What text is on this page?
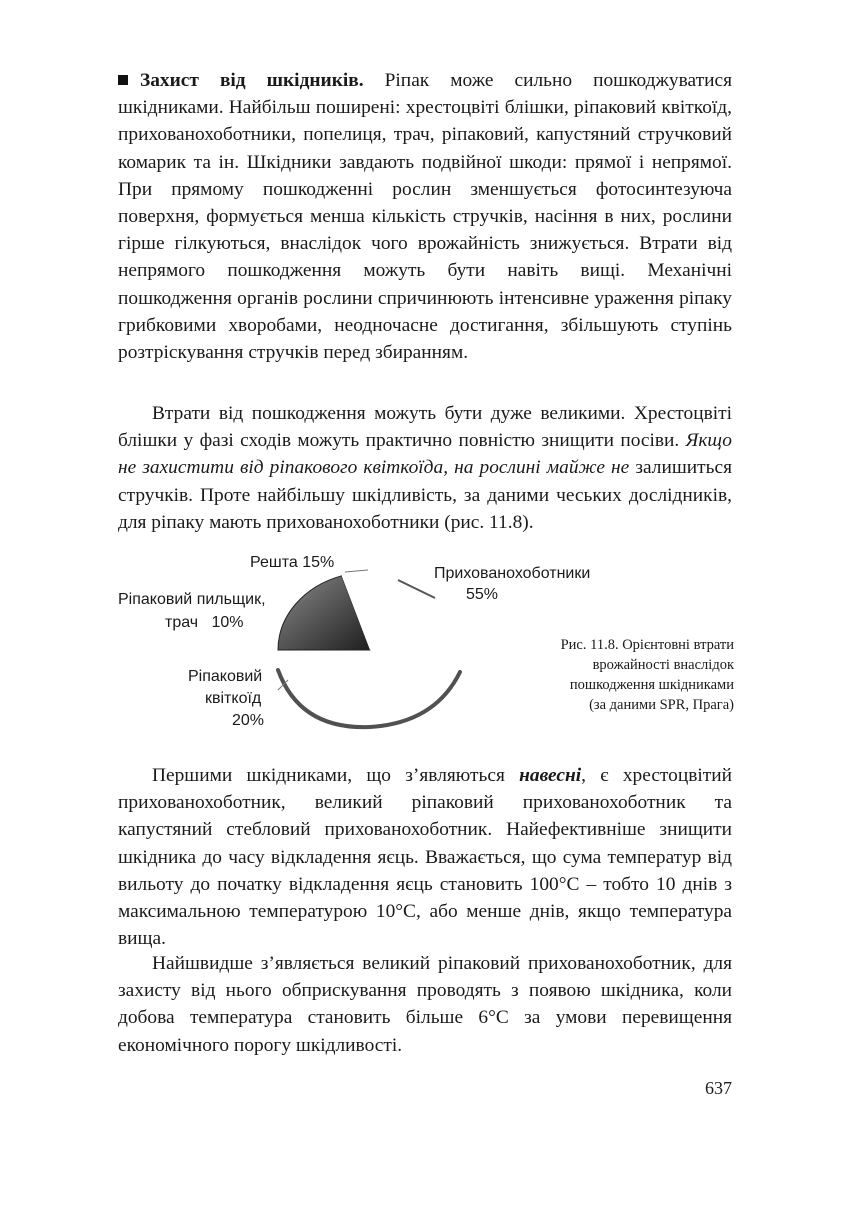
Захист від шкідників. Ріпак може сильно пошкоджуватися шкідниками. Найбільш поширені: хрестоцвіті блішки, ріпаковий квіткоїд, прихованохоботники, попелиця, трач, ріпаковий, капустяний стручковий комарик та ін. Шкідники завдають подвійної шкоди: прямої і непрямої. При прямому пошкодженні рослин зменшується фотосинтезуюча поверхня, формується менша кількість стручків, насіння в них, рослини гірше гілкуються, внаслідок чого врожайність знижується. Втрати від непрямого пошкодження можуть бути навіть вищі. Механічні пошкодження органів рослини спричинюють інтенсивне ураження ріпаку грибковими хворобами, неодночасне достигання, збільшують ступінь розтріскування стручків перед збиранням.

Втрати від пошкодження можуть бути дуже великими. Хрестоцвіті блішки у фазі сходів можуть практично повністю знищити посіви. Якщо не захистити від ріпакового квіткоїда, на рослині майже не залишиться стручків. Проте найбільшу шкідливість, за даними чеських дослідників, для ріпаку мають прихованохоботники (рис. 11.8).

Решта 15%
Прихованохоботники
55%
Ріпаковий пильщик,
трач 10%
Ріпаковий
квіткоїд
20%
Рис. 11.8. Орієнтовні втрати
врожайності внаслідок
пошкодження шкідниками
(за даними SPR, Прага)

Першими шкідниками, що з’являються навесні, є хрестоцвітий прихованохоботник, великий ріпаковий прихованохоботник та капустяний стебловий прихованохоботник. Найефективніше знищити шкідника до часу відкладення яєць. Вважається, що сума температур від вильоту до початку відкладення яєць становить 100°С – тобто 10 днів з максимальною температурою 10°С, або менше днів, якщо температура вища.

Найшвидше з’являється великий ріпаковий прихованохоботник, для захисту від нього обприскування проводять з появою шкідника, коли добова температура становить більше 6°С за умови перевищення економічного порогу шкідливості.

637
